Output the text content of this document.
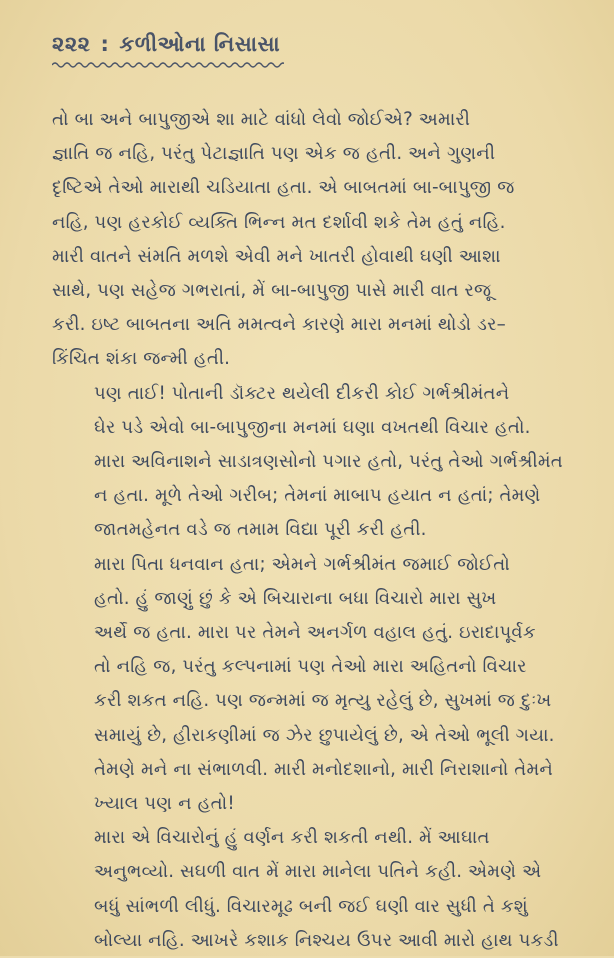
૨૨૨ : કળીઓના નિસાસા

તો બા અને બાપુજીએ શા માટે વાંધો લેવો જોઈએ? અમારી
જ્ઞાતિ જ નહિ, પરંતુ પેટાજ્ઞાતિ પણ એક જ હતી. અને ગુણની
દૃષ્ટિએ તેઓ મારાથી ચડિયાતા હતા. એ બાબતમાં બા-બાપુજી જ
નહિ, પણ હરકોઈ વ્યક્તિ ભિન્ન મત દર્શાવી શકે તેમ હતું નહિ.
મારી વાતને સંમતિ મળશે એવી મને ખાતરી હોવાથી ઘણી આશા
સાથે, પણ સહેજ ગભરાતાં, મેં બા-બાપુજી પાસે મારી વાત રજૂ
કરી. ઇષ્ટ બાબતના અતિ મમત્વને કારણે મારા મનમાં થોડો ડર–
કિંચિત શંકા જન્મી હતી.

પણ તાઈ! પોતાની ડૉક્ટર થયેલી દીકરી કોઈ ગર્ભશ્રીમંતને
ઘેર પડે એવો બા-બાપુજીના મનમાં ઘણા વખતથી વિચાર હતો.
મારા અવિનાશને સાડાત્રણસોનો પગાર હતો, પરંતુ તેઓ ગર્ભશ્રીમંત
ન હતા. મૂળે તેઓ ગરીબ; તેમનાં માબાપ હયાત ન હતાં; તેમણે
જાતમહેનત વડે જ તમામ વિદ્યા પૂરી કરી હતી.

મારા પિતા ધનવાન હતા; એમને ગર્ભશ્રીમંત જમાઈ જોઈતો
હતો. હું જાણું છું કે એ બિચારાના બધા વિચારો મારા સુખ
અર્થે જ હતા. મારા પર તેમને અનર્ગળ વહાલ હતું. ઇરાદાપૂર્વક
તો નહિ જ, પરંતુ કલ્પનામાં પણ તેઓ મારા અહિતનો વિચાર
કરી શકત નહિ. પણ જન્મમાં જ મૃત્યુ રહેલું છે, સુખમાં જ દુઃખ
સમાયું છે, હીરાકણીમાં જ ઝેર છુપાયેલું છે, એ તેઓ ભૂલી ગયા.
તેમણે મને ના સંભાળવી. મારી મનોદશાનો, મારી નિરાશાનો તેમને
ખ્યાલ પણ ન હતો!

મારા એ વિચારોનું હું વર્ણન કરી શકતી નથી. મેં આઘાત
અનુભવ્યો. સઘળી વાત મેં મારા માનેલા પતિને કહી. એમણે એ
બધું સાંભળી લીધું. વિચારમૂઢ બની જઈ ઘણી વાર સુધી તે કશું
બોલ્યા નહિ. આખરે કશાક નિશ્ચય ઉપર આવી મારો હાથ પકડી
